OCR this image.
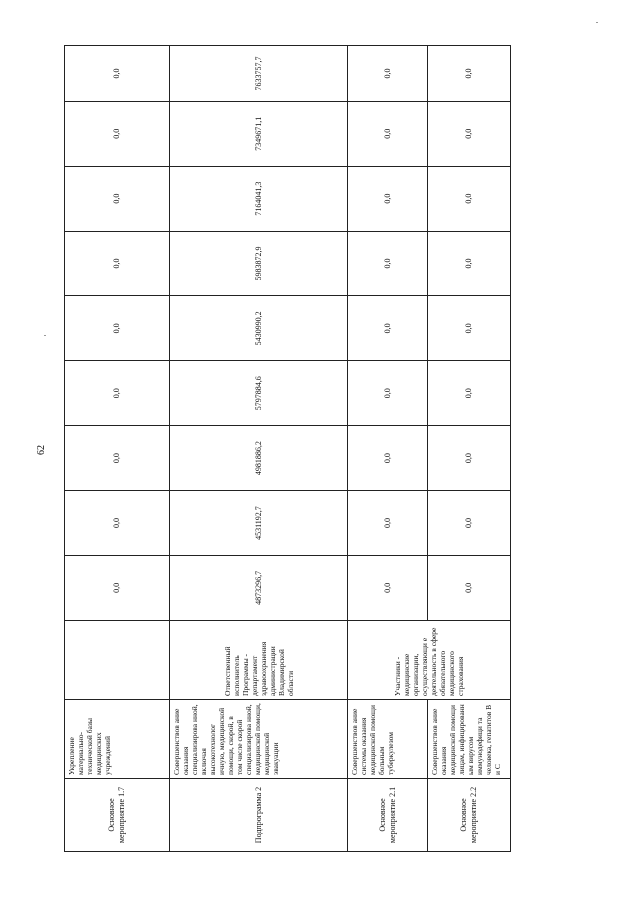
62
Основное мероприятие 1.7	Укрепление материально-технической базы медицинских учреждений		0,0	0,0	0,0	0,0	0,0	0,0	0,0	0,0	0,0
Подпрограмма 2	Совершенствов ание оказания специализирова нной, включая высокотехнолог ичную, медицинской помощи, скорой, в том числе скорой специализирова нной, медицинской помощи, медицинской эвакуации	Ответственный исполнитель Программы - департамент здравоохранения администрации Владимирской области	4873296,7	4531192,7	4981886,2	5797884,6	5430990,2	5983872,9	7164041,3	7349671,1	7633757,7
Основное мероприятие 2.1	Совершенствов ание системы оказания медицинской помощи больным туберкулезом	Участники - медицинские организации, осуществляющи е деятельность в сфере обязательного медицинского страхования	0,0	0,0	0,0	0,0	0,0	0,0	0,0	0,0	0,0
Основное мероприятие 2.2	Совершенствов ание оказания медицинской помощи лицам, инфицированн ым вирусом иммунодефици та человека, гепатитов B и C		0,0	0,0	0,0	0,0	0,0	0,0	0,0	0,0	0,0
